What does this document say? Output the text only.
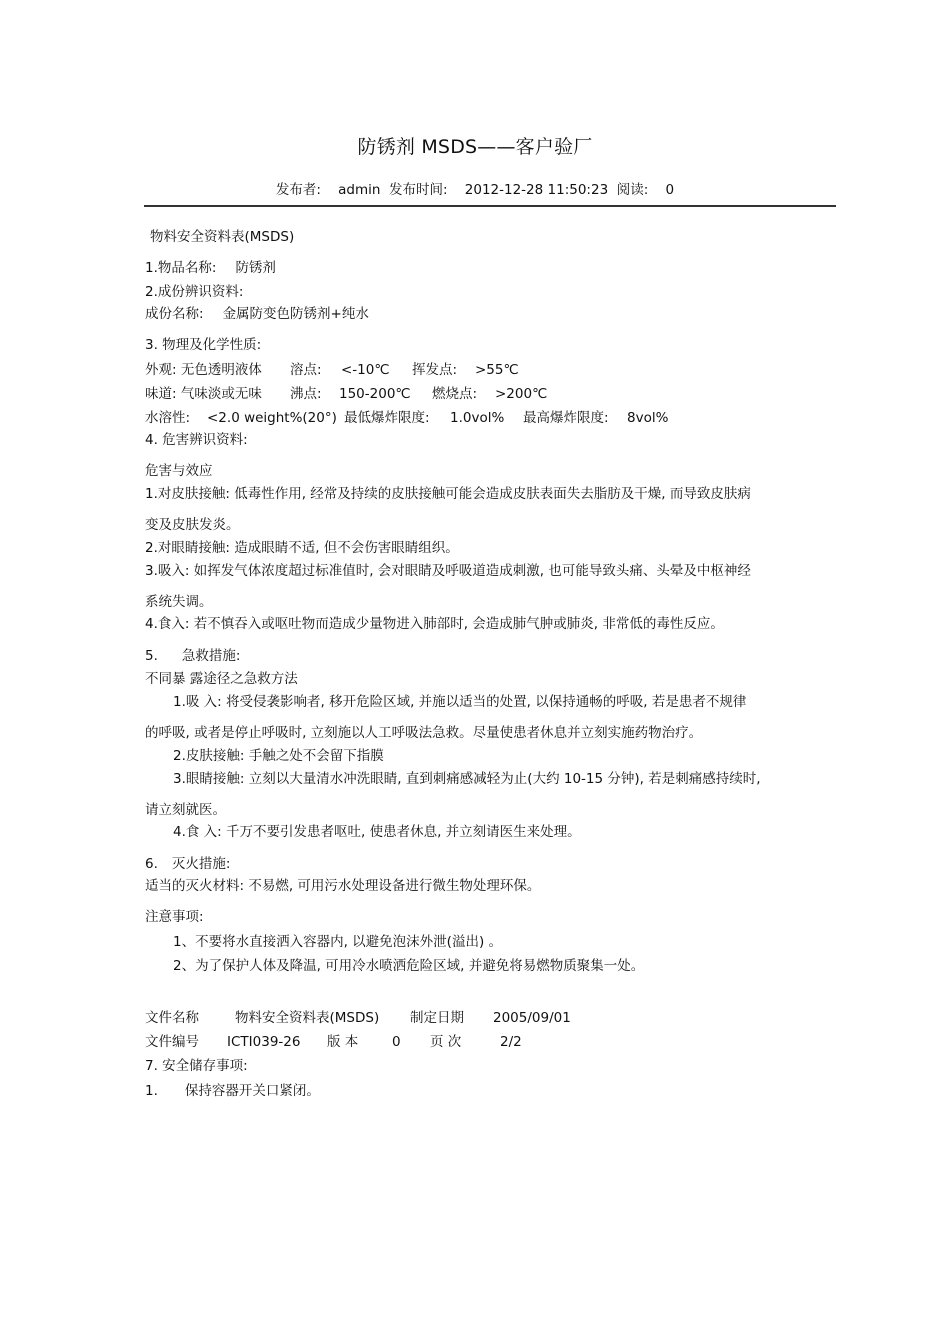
防锈剂 MSDS——客户验厂
发布者: admin 发布时间: 2012-12-28 11:50:23 阅读: 0
物料安全资料表(MSDS)
1.物品名称: 防锈剂
2.成份辨识资料:
成份名称: 金属防变色防锈剂+纯水
3. 物理及化学性质:
外观: 无色透明液体 溶点: <-10℃ 挥发点: >55℃
味道: 气味淡或无味 沸点: 150-200℃ 燃烧点: >200℃
水溶性: <2.0 weight%(20°) 最低爆炸限度: 1.0vol% 最高爆炸限度: 8vol%
4. 危害辨识资料:
危害与效应
1.对皮肤接触: 低毒性作用, 经常及持续的皮肤接触可能会造成皮肤表面失去脂肪及干燥, 而导致皮肤病
变及皮肤发炎。
2.对眼睛接触: 造成眼睛不适, 但不会伤害眼睛组织。
3.吸入: 如挥发气体浓度超过标准值时, 会对眼睛及呼吸道造成刺激, 也可能导致头痛、头晕及中枢神经
系统失调。
4.食入: 若不慎吞入或呕吐物而造成少量物进入肺部时, 会造成肺气肿或肺炎, 非常低的毒性反应。
5. 急救措施:
不同暴 露途径之急救方法
1.吸 入: 将受侵袭影响者, 移开危险区域, 并施以适当的处置, 以保持通畅的呼吸, 若是患者不规律
的呼吸, 或者是停止呼吸时, 立刻施以人工呼吸法急救。尽量使患者休息并立刻实施药物治疗。
2.皮肤接触: 手触之处不会留下指膜
3.眼睛接触: 立刻以大量清水冲洗眼睛, 直到刺痛感减轻为止(大约 10-15 分钟), 若是刺痛感持续时,
请立刻就医。
4.食 入: 千万不要引发患者呕吐, 使患者休息, 并立刻请医生来处理。
6. 灭火措施:
适当的灭火材料: 不易燃, 可用污水处理设备进行微生物处理环保。
注意事项:
1、不要将水直接洒入容器内, 以避免泡沫外泄(溢出) 。
2、为了保护人体及降温, 可用冷水喷洒危险区域, 并避免将易燃物质聚集一处。
文件名称	物料安全资料表(MSDS) 制定日期 2005/09/01
文件编号 ICTI039-26 版 本 0 页 次	2/2
7. 安全储存事项:
1. 保持容器开关口紧闭。
